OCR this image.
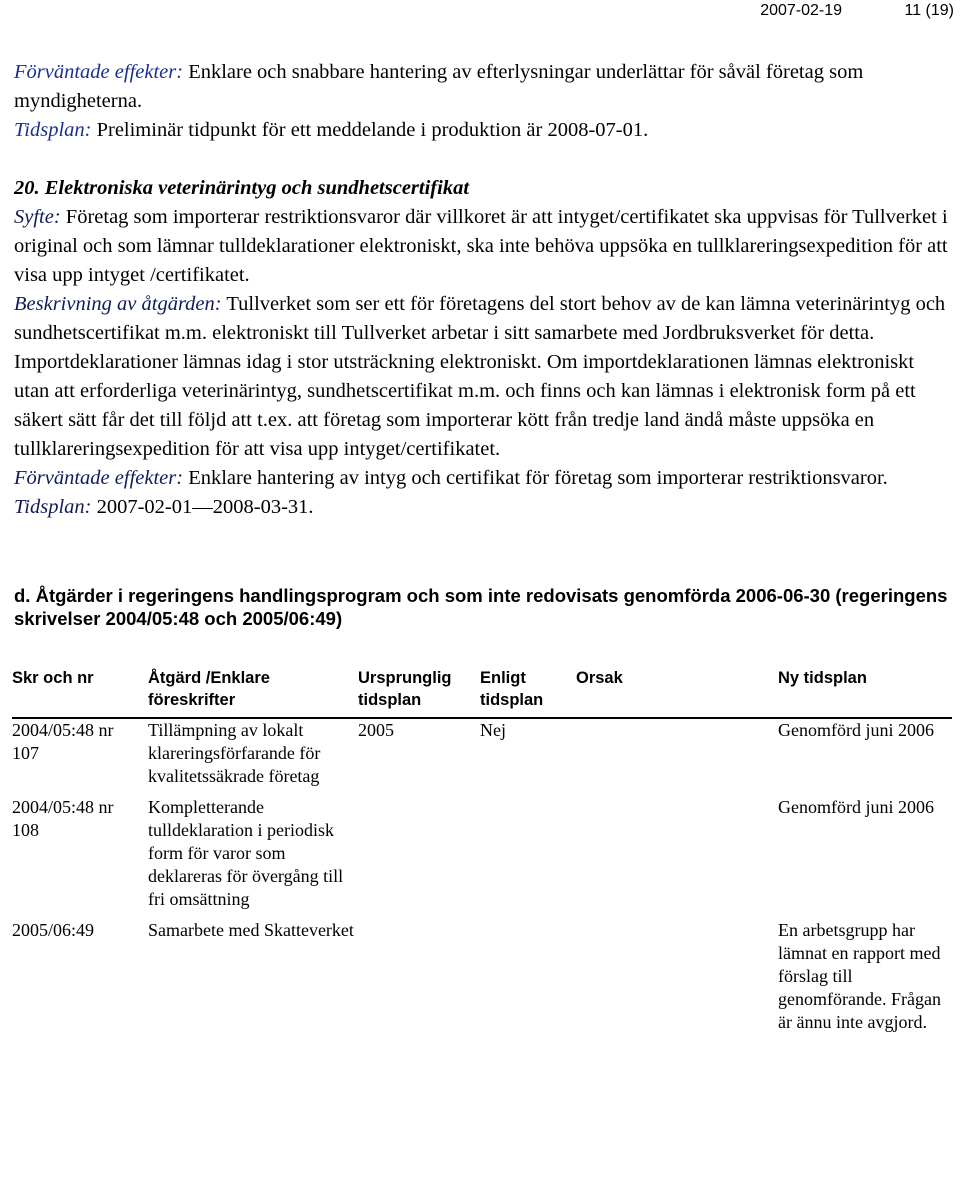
2007-02-19	11 (19)

Förväntade effekter: Enklare och snabbare hantering av efterlysningar underlättar för såväl företag som myndigheterna.

Tidsplan: Preliminär tidpunkt för ett meddelande i produktion är 2008-07-01.

20. Elektroniska veterinärintyg och sundhetscertifikat

Syfte: Företag som importerar restriktionsvaror där villkoret är att intyget/certifikatet ska uppvisas för Tullverket i original och som lämnar tulldeklarationer elektroniskt, ska inte behöva uppsöka en tullklareringsexpedition för att visa upp intyget /certifikatet.

Beskrivning av åtgärden: Tullverket som ser ett för företagens del stort behov av de kan lämna veterinärintyg och sundhetscertifikat m.m. elektroniskt till Tullverket arbetar i sitt samarbete med Jordbruksverket för detta. Importdeklarationer lämnas idag i stor utsträckning elektroniskt. Om importdeklarationen lämnas elektroniskt utan att erforderliga veterinärintyg, sundhetscertifikat m.m. och finns och kan lämnas i elektronisk form på ett säkert sätt får det till följd att t.ex. att företag som importerar kött från tredje land ändå måste uppsöka en tullklareringsexpedition för att visa upp intyget/certifikatet.

Förväntade effekter: Enklare hantering av intyg och certifikat för företag som importerar restriktionsvaror.

Tidsplan: 2007-02-01—2008-03-31.

d. Åtgärder i regeringens handlingsprogram och som inte redovisats genomförda 2006-06-30 (regeringens skrivelser 2004/05:48 och 2005/06:49)

Skr och nr	Åtgärd /Enklare föreskrifter	Ursprunglig tidsplan	Enligt tidsplan	Orsak	Ny tidsplan
2004/05:48 nr 107	Tillämpning av lokalt klareringsförfarande för kvalitetssäkrade företag	2005	Nej		Genomförd juni 2006
2004/05:48 nr 108	Kompletterande tulldeklaration i periodisk form för varor som deklareras för övergång till fri omsättning				Genomförd juni 2006
2005/06:49	Samarbete med Skatteverket				En arbetsgrupp har lämnat en rapport med förslag till genomförande. Frågan är ännu inte avgjord.
